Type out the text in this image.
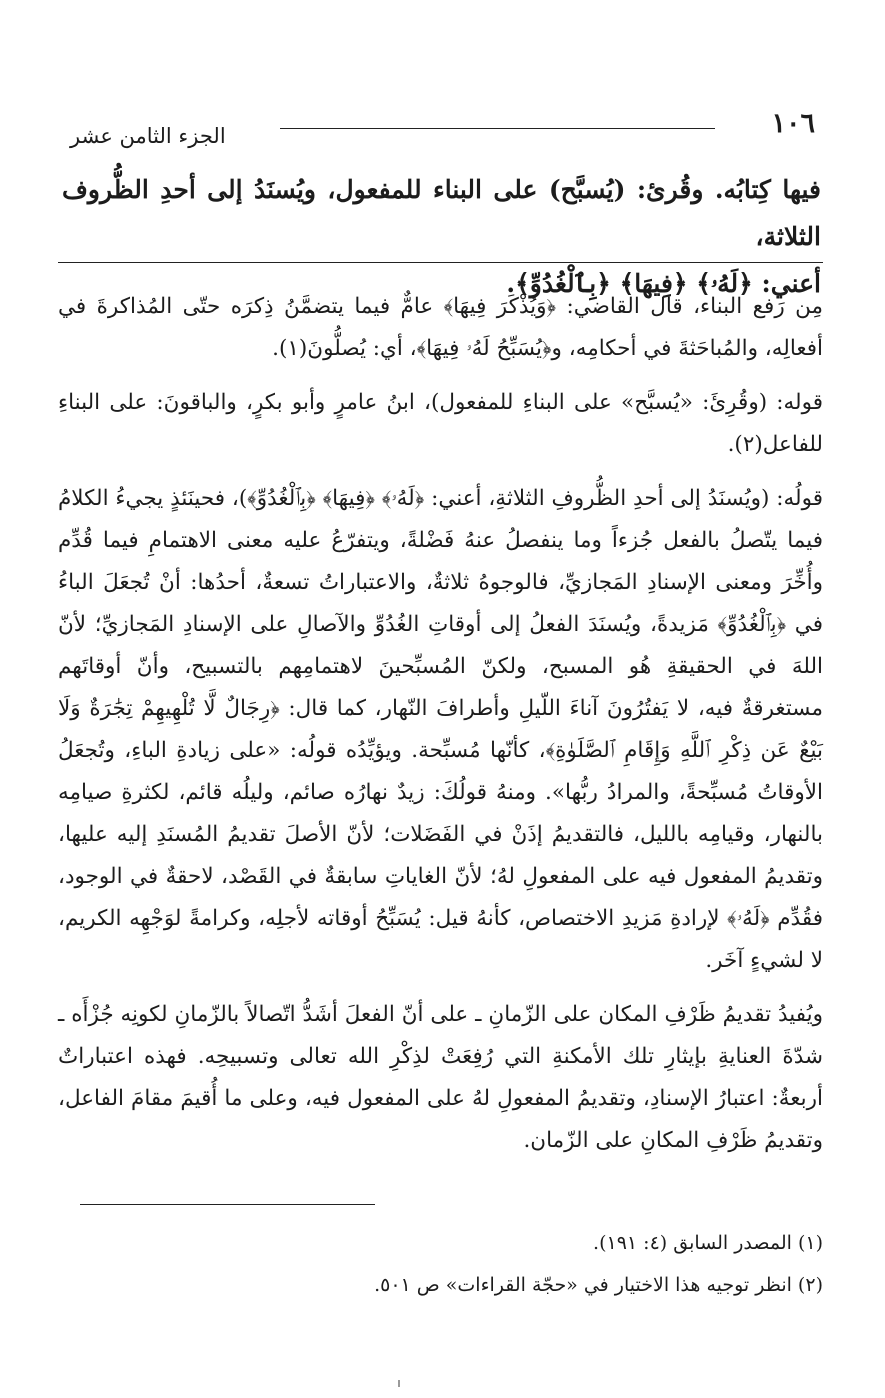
١٠٦
الجزء الثامن عشر

فيها كِتابُه. وقُرئ: (يُسبَّح) على البناء للمفعول، ويُسنَدُ إلى أحدِ الظُّروف الثلاثة،

أعني: ﴿لَهُۥ﴾ ﴿فِيهَا﴾ ﴿بِٱلْغُدُوِّ﴾.

مِن رَفع البناء، قال القاضي: ﴿وَيُذْكَرَ فِيهَا﴾ عامٌّ فيما يتضمَّنُ ذِكرَه حتّى المُذاكرةَ في أفعالِه، والمُباحَثةَ في أحكامِه، و﴿يُسَبِّحُ لَهُۥ فِيهَا﴾، أي: يُصلُّونَ(١).

قوله: (وقُرِئَ: «يُسبَّح» على البناءِ للمفعول)، ابنُ عامرٍ وأبو بكرٍ، والباقونَ: على البناءِ للفاعل(٢).

قولُه: (ويُسنَدُ إلى أحدِ الظُّروفِ الثلاثةِ، أعني: ﴿لَهُۥ﴾ ﴿فِيهَا﴾ ﴿بِٱلْغُدُوِّ﴾)، فحينَئذٍ يجيءُ الكلامُ فيما يتّصلُ بالفعل جُزءاً وما ينفصلُ عنهُ فَضْلةً، ويتفرّعُ عليه معنى الاهتمامِ فيما قُدِّم وأُخِّرَ ومعنى الإسنادِ المَجازيِّ، فالوجوهُ ثلاثةٌ، والاعتباراتُ تسعةٌ، أحدُها: أنْ تُجعَلَ الباءُ في ﴿بِٱلْغُدُوِّ﴾ مَزيدةً، ويُسنَدَ الفعلُ إلى أوقاتِ الغُدُوِّ والآصالِ على الإسنادِ المَجازيِّ؛ لأنّ اللهَ في الحقيقةِ هُو المسبح، ولكنّ المُسبِّحينَ لاهتمامِهم بالتسبيح، وأنّ أوقاتَهم مستغرقةٌ فيه، لا يَفتُرُونَ آناءَ اللّيلِ وأطرافَ النّهار، كما قال: ﴿رِجَالٌ لَّا تُلْهِيهِمْ تِجَٰرَةٌ وَلَا بَيْعٌ عَن ذِكْرِ ٱللَّهِ وَإِقَامِ ٱلصَّلَوٰةِ﴾، كأنّها مُسبِّحة. ويؤيِّدُه قولُه: «على زيادةِ الباءِ، وتُجعَلُ الأوقاتُ مُسبِّحةً، والمرادُ ربُّها». ومنهُ قولُكَ: زيدٌ نهارُه صائم، وليلُه قائم، لكثرةِ صيامِه بالنهار، وقيامِه بالليل، فالتقديمُ إذَنْ في الفَضَلات؛ لأنّ الأصلَ تقديمُ المُسنَدِ إليه عليها، وتقديمُ المفعول فيه على المفعولِ لهُ؛ لأنّ الغاياتِ سابقةٌ في القَصْد، لاحقةٌ في الوجود، فقُدِّم ﴿لَهُۥ﴾ لإرادةِ مَزيدِ الاختصاص، كأنهُ قيل: يُسَبِّحُ أوقاته لأجلِه، وكرامةً لوَجْهِه الكريم، لا لشيءٍ آخَر.

ويُفيدُ تقديمُ ظَرْفِ المكان على الزّمانِ ـ على أنّ الفعلَ أشَدُّ اتّصالاً بالزّمانِ لكونِه جُزْأَه ـ شدّةَ العنايةِ بإيثارِ تلك الأمكنةِ التي رُفِعَتْ لذِكْرِ الله تعالى وتسبيحِه. فهذه اعتباراتٌ أربعةٌ: اعتبارُ الإسنادِ، وتقديمُ المفعولِ لهُ على المفعول فيه، وعلى ما أُقيمَ مقامَ الفاعل، وتقديمُ ظَرْفِ المكانِ على الزّمان.

(١) المصدر السابق (٤: ١٩١).

(٢) انظر توجيه هذا الاختيار في «حجّة القراءات» ص ٥٠١.
